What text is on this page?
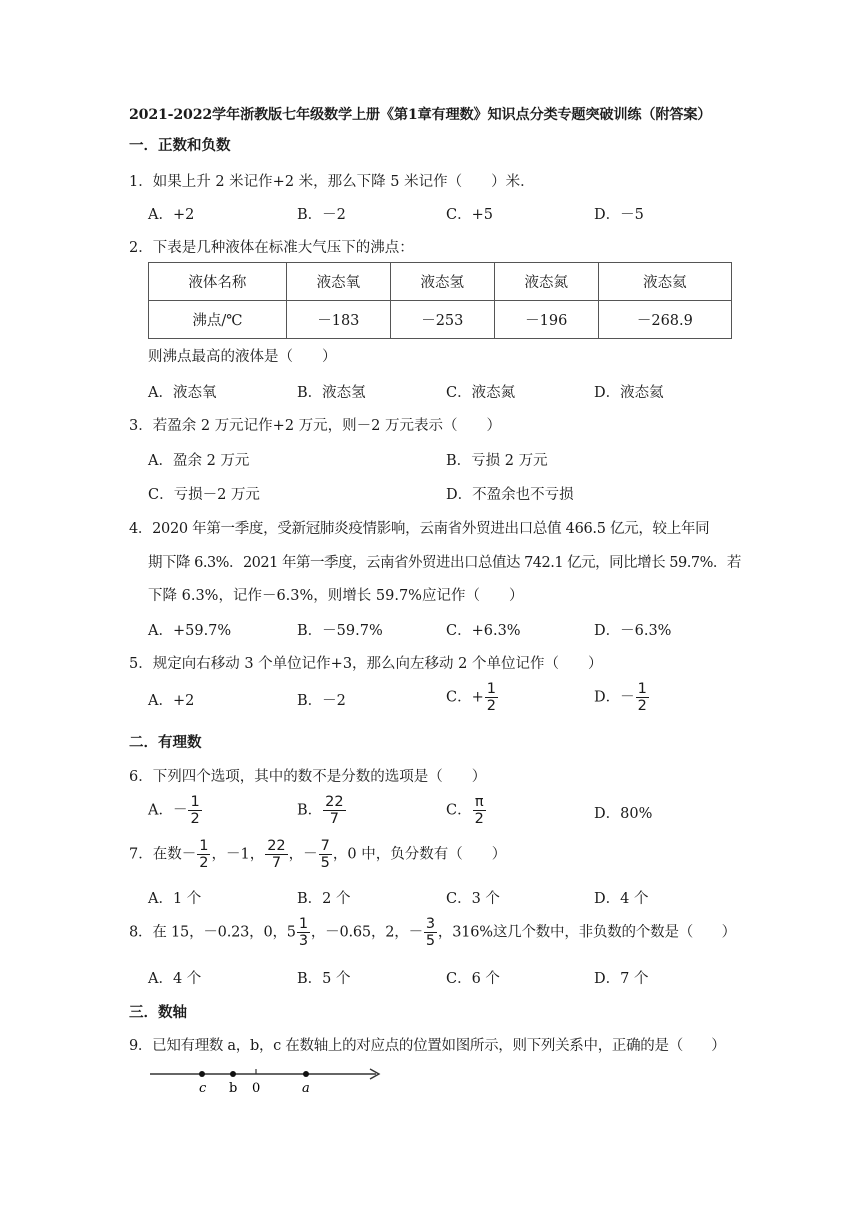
2021-2022学年浙教版七年级数学上册《第1章有理数》知识点分类专题突破训练（附答案）
一．正数和负数
1．如果上升 2 米记作+2 米，那么下降 5 米记作（　　）米．
A．+2	B．－2	C．+5	D．－5
2．下表是几种液体在标准大气压下的沸点：
液体名称	液态氧	液态氢	液态氮	液态氦
沸点/℃	－183	－253	－196	－268.9
则沸点最高的液体是（　　）
A．液态氧	B．液态氢	C．液态氮	D．液态氦
3．若盈余 2 万元记作+2 万元，则－2 万元表示（　　）
A．盈余 2 万元	B．亏损 2 万元
C．亏损－2 万元	D．不盈余也不亏损
4．2020 年第一季度，受新冠肺炎疫情影响，云南省外贸进出口总值 466.5 亿元，较上年同
期下降 6.3%．2021 年第一季度，云南省外贸进出口总值达 742.1 亿元，同比增长 59.7%．若
下降 6.3%，记作－6.3%，则增长 59.7%应记作（　　）
A．+59.7%	B．－59.7%	C．+6.3%	D．－6.3%
5．规定向右移动 3 个单位记作+3，那么向左移动 2 个单位记作（　　）
A．+2	B．－2	C．+ $\frac{1}{2}$	D．－ $\frac{1}{2}$
二．有理数
6．下列四个选项，其中的数不是分数的选项是（　　）
A．－ $\frac{1}{2}$	B． $\frac{22}{7}$	C． $\frac{\pi}{2}$	D．80%
7．在数－ $\frac{1}{2}$ ，－1， $\frac{22}{7}$ ，－ $\frac{7}{5}$ ，0 中，负分数有（　　）
A．1 个	B．2 个	C．3 个	D．4 个
8．在 15，－0.23，0，$5 \frac{1}{3}$ ，－0.65，2，－ $\frac{3}{5}$ ，316%这几个数中，非负数的个数是（　　）
A．4 个	B．5 个	C．6 个	D．7 个
三．数轴
9．已知有理数 a，b，c 在数轴上的对应点的位置如图所示，则下列关系中，正确的是（　　）
c b 0	a
